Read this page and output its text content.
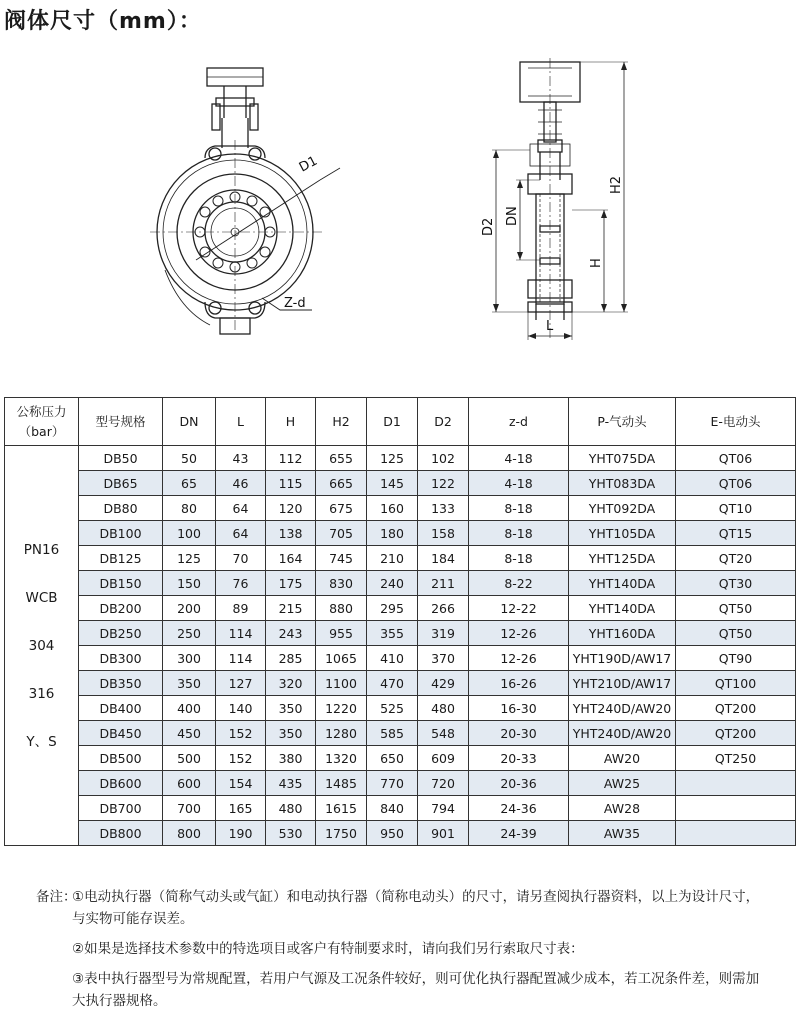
阀体尺寸（mm）：
D1
Z-d
D2
DN
H2
H
L
公称压力
（bar）	型号规格	DN	L	H	H2	D1	D2	z-d	P-气动头	E-电动头

PN16
WCB
304
316
Y、S	DB50	50	43	112	655	125	102	4-18	YHT075DA	QT06
	DB65	65	46	115	665	145	122	4-18	YHT083DA	QT06
	DB80	80	64	120	675	160	133	8-18	YHT092DA	QT10
	DB100	100	64	138	705	180	158	8-18	YHT105DA	QT15
	DB125	125	70	164	745	210	184	8-18	YHT125DA	QT20
	DB150	150	76	175	830	240	211	8-22	YHT140DA	QT30
	DB200	200	89	215	880	295	266	12-22	YHT140DA	QT50
	DB250	250	114	243	955	355	319	12-26	YHT160DA	QT50
	DB300	300	114	285	1065	410	370	12-26	YHT190D/AW17	QT90
	DB350	350	127	320	1100	470	429	16-26	YHT210D/AW17	QT100
	DB400	400	140	350	1220	525	480	16-30	YHT240D/AW20	QT200
	DB450	450	152	350	1280	585	548	20-30	YHT240D/AW20	QT200
	DB500	500	152	380	1320	650	609	20-33	AW20	QT250
	DB600	600	154	435	1485	770	720	20-36	AW25	
	DB700	700	165	480	1615	840	794	24-36	AW28	
	DB800	800	190	530	1750	950	901	24-39	AW35	
备注：
①电动执行器（简称气动头或气缸）和电动执行器（简称电动头）的尺寸，请另查阅执行器资料，以上为设计尺寸，
与实物可能存误差。
②如果是选择技术参数中的特选项目或客户有特制要求时，请向我们另行索取尺寸表：
③表中执行器型号为常规配置，若用户气源及工况条件较好，则可优化执行器配置减少成本，若工况条件差，则需加
大执行器规格。
